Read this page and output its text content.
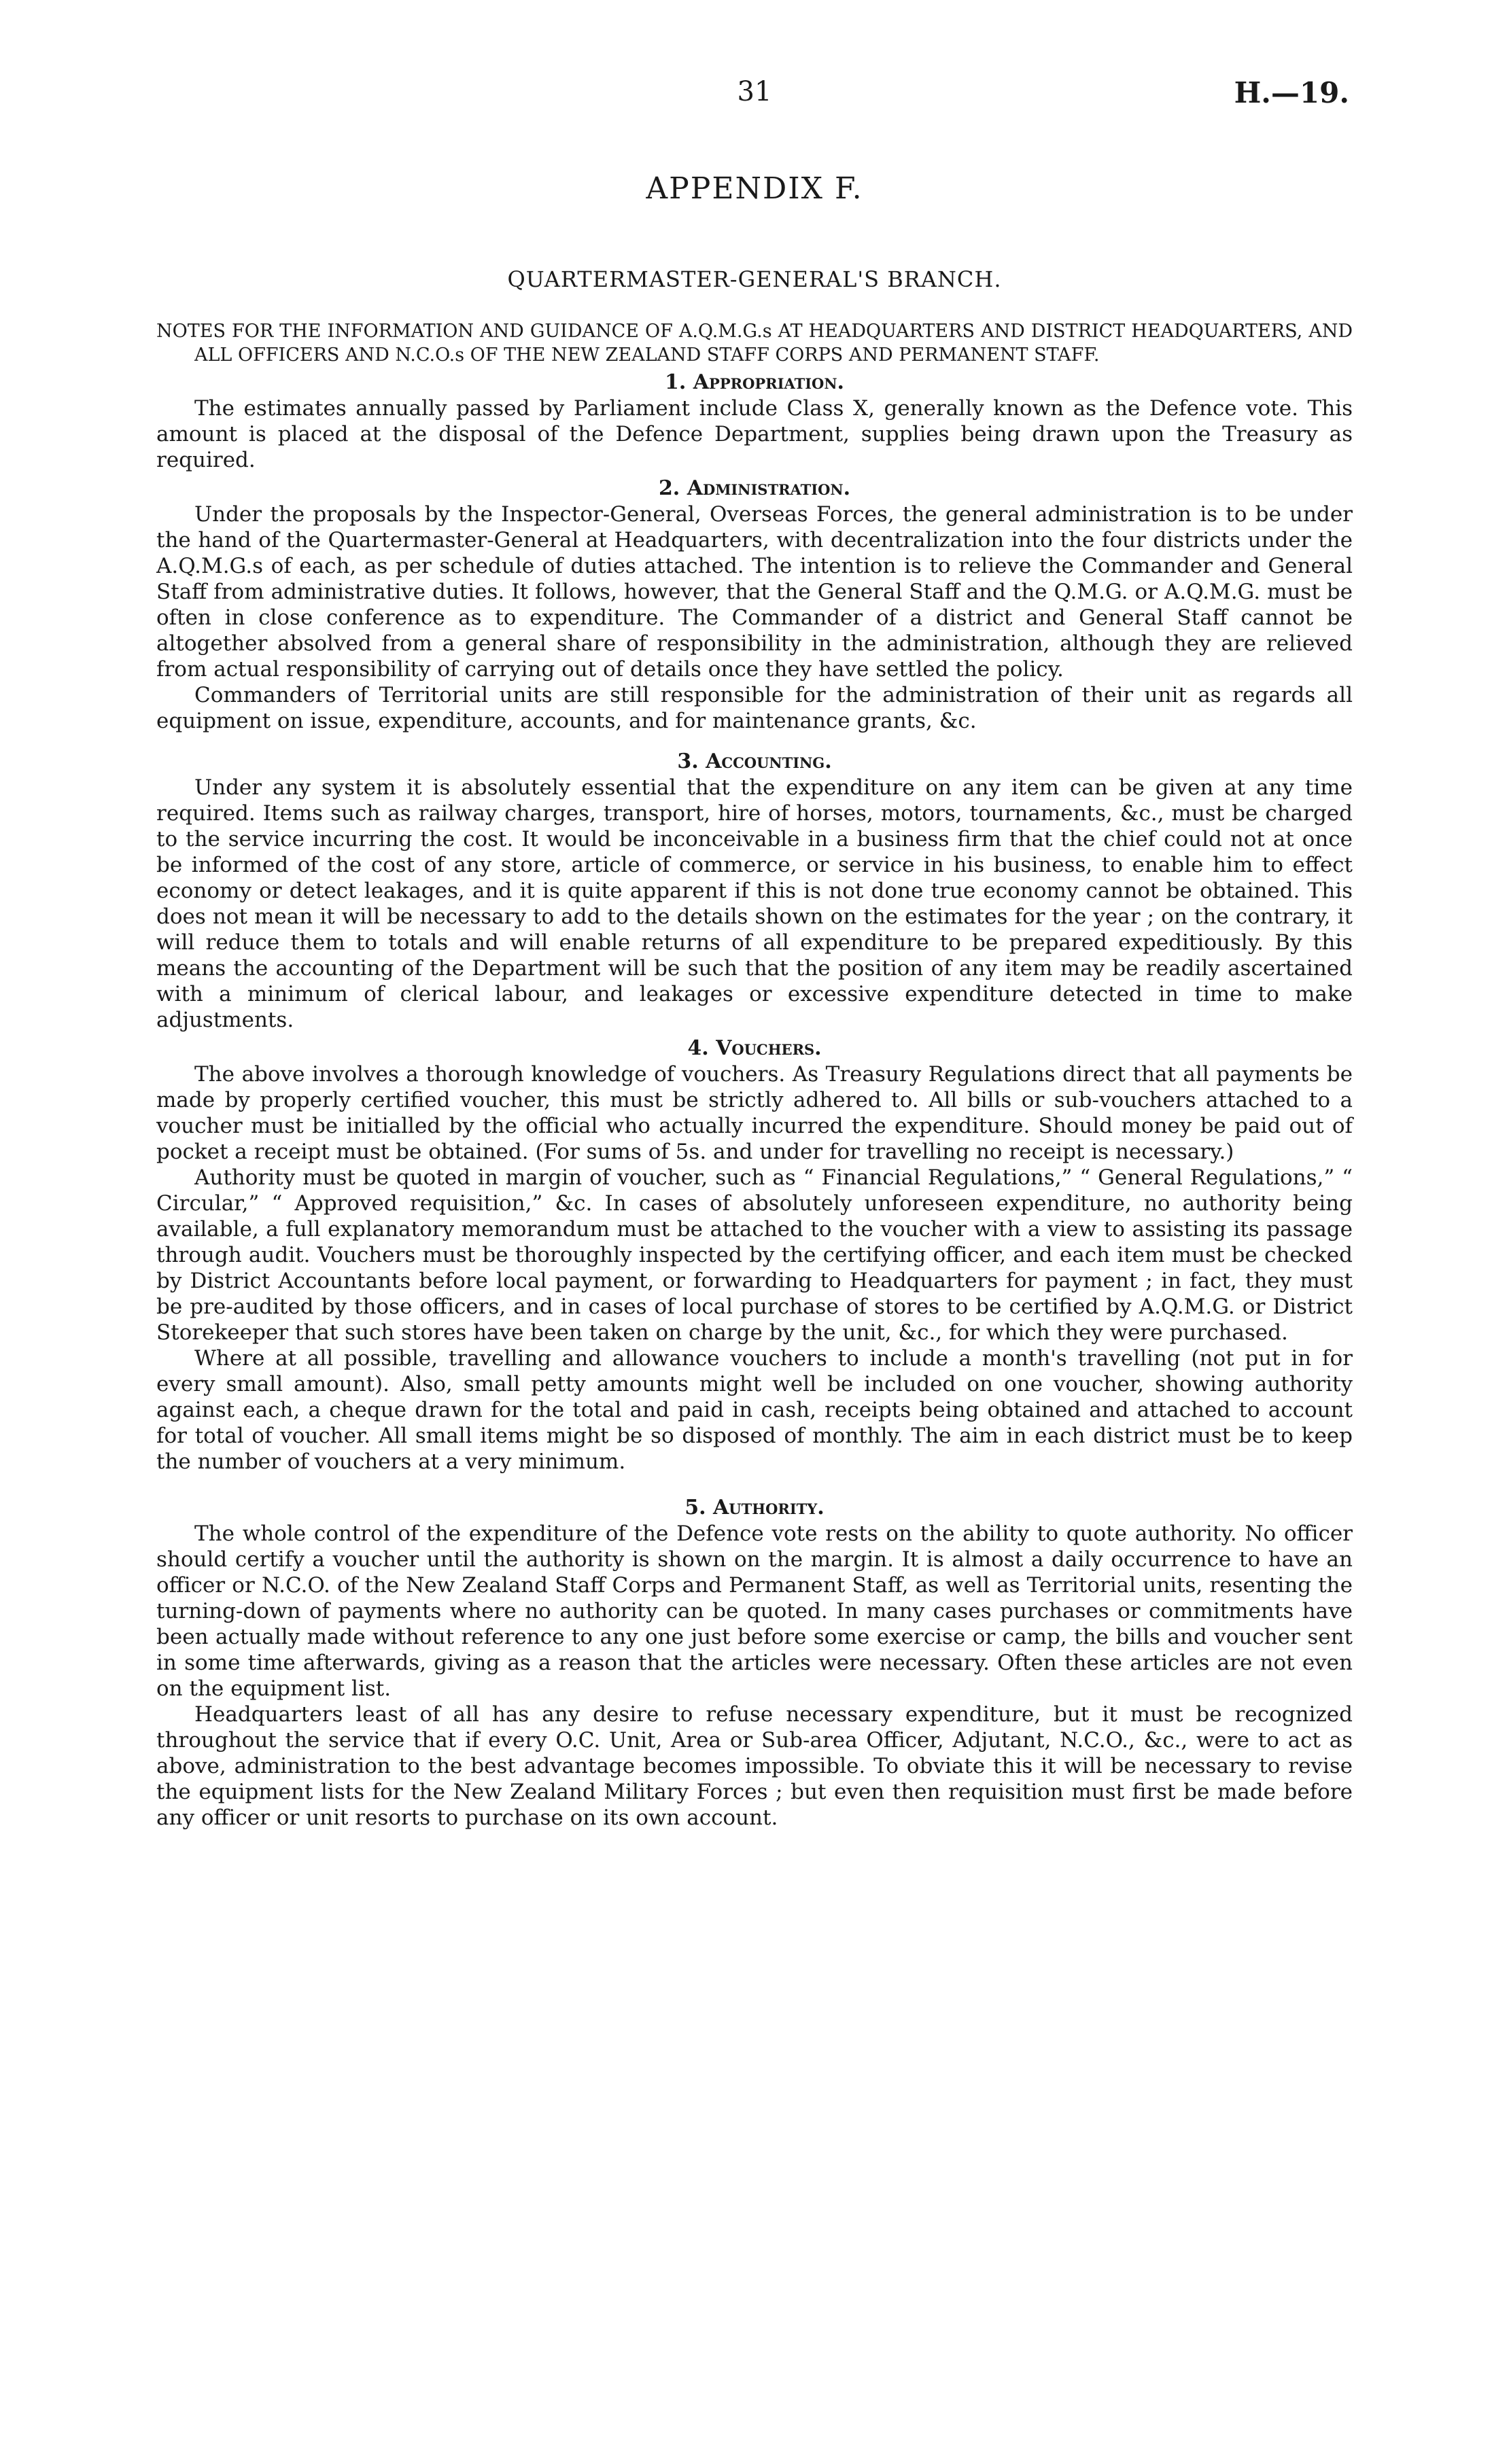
31	H.—19.
APPENDIX F.
QUARTERMASTER-GENERAL'S BRANCH.

NOTES FOR THE INFORMATION AND GUIDANCE OF A.Q.M.G.s AT HEADQUARTERS AND DISTRICT HEADQUARTERS, AND ALL OFFICERS AND N.C.O.s OF THE NEW ZEALAND STAFF CORPS AND PERMANENT STAFF.

1. Appropriation.

The estimates annually passed by Parliament include Class X, generally known as the Defence vote. This amount is placed at the disposal of the Defence Department, supplies being drawn upon the Treasury as required.

2. Administration.

Under the proposals by the Inspector-General, Overseas Forces, the general administration is to be under the hand of the Quartermaster-General at Headquarters, with decentralization into the four districts under the A.Q.M.G.s of each, as per schedule of duties attached. The intention is to relieve the Commander and General Staff from administrative duties. It follows, however, that the General Staff and the Q.M.G. or A.Q.M.G. must be often in close conference as to expenditure. The Commander of a district and General Staff cannot be altogether absolved from a general share of responsibility in the administration, although they are relieved from actual responsibility of carrying out of details once they have settled the policy.

Commanders of Territorial units are still responsible for the administration of their unit as regards all equipment on issue, expenditure, accounts, and for maintenance grants, &c.

3. Accounting.

Under any system it is absolutely essential that the expenditure on any item can be given at any time required. Items such as railway charges, transport, hire of horses, motors, tournaments, &c., must be charged to the service incurring the cost. It would be inconceivable in a business firm that the chief could not at once be informed of the cost of any store, article of commerce, or service in his business, to enable him to effect economy or detect leakages, and it is quite apparent if this is not done true economy cannot be obtained. This does not mean it will be necessary to add to the details shown on the estimates for the year ; on the contrary, it will reduce them to totals and will enable returns of all expenditure to be prepared expeditiously. By this means the accounting of the Department will be such that the position of any item may be readily ascertained with a minimum of clerical labour, and leakages or excessive expenditure detected in time to make adjustments.

4. Vouchers.

The above involves a thorough knowledge of vouchers. As Treasury Regulations direct that all payments be made by properly certified voucher, this must be strictly adhered to. All bills or sub-vouchers attached to a voucher must be initialled by the official who actually incurred the expenditure. Should money be paid out of pocket a receipt must be obtained. (For sums of 5s. and under for travelling no receipt is necessary.)

Authority must be quoted in margin of voucher, such as “ Financial Regulations,” “ General Regulations,” “ Circular,” “ Approved requisition,” &c. In cases of absolutely unforeseen expenditure, no authority being available, a full explanatory memorandum must be attached to the voucher with a view to assisting its passage through audit. Vouchers must be thoroughly inspected by the certifying officer, and each item must be checked by District Accountants before local payment, or forwarding to Headquarters for payment ; in fact, they must be pre-audited by those officers, and in cases of local purchase of stores to be certified by A.Q.M.G. or District Storekeeper that such stores have been taken on charge by the unit, &c., for which they were purchased.

Where at all possible, travelling and allowance vouchers to include a month's travelling (not put in for every small amount). Also, small petty amounts might well be included on one voucher, showing authority against each, a cheque drawn for the total and paid in cash, receipts being obtained and attached to account for total of voucher. All small items might be so disposed of monthly. The aim in each district must be to keep the number of vouchers at a very minimum.

5. Authority.

The whole control of the expenditure of the Defence vote rests on the ability to quote authority. No officer should certify a voucher until the authority is shown on the margin. It is almost a daily occurrence to have an officer or N.C.O. of the New Zealand Staff Corps and Permanent Staff, as well as Territorial units, resenting the turning-down of payments where no authority can be quoted. In many cases purchases or commitments have been actually made without reference to any one just before some exercise or camp, the bills and voucher sent in some time afterwards, giving as a reason that the articles were necessary. Often these articles are not even on the equipment list.

Headquarters least of all has any desire to refuse necessary expenditure, but it must be recognized throughout the service that if every O.C. Unit, Area or Sub-area Officer, Adjutant, N.C.O., &c., were to act as above, administration to the best advantage becomes impossible. To obviate this it will be necessary to revise the equipment lists for the New Zealand Military Forces ; but even then requisition must first be made before any officer or unit resorts to purchase on its own account.
